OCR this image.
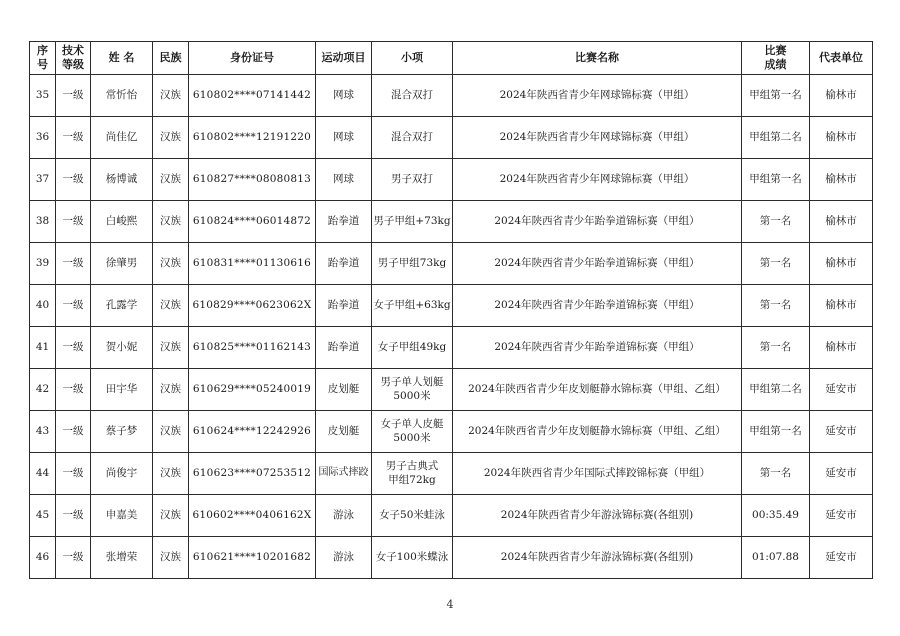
序号	技术等级	姓 名	民族	身份证号	运动项目	小项	比赛名称	比赛成绩	代表单位
35	一级	常忻怡	汉族	610802****07141442	网球	混合双打	2024年陕西省青少年网球锦标赛（甲组）	甲组第一名	榆林市
36	一级	尚佳亿	汉族	610802****12191220	网球	混合双打	2024年陕西省青少年网球锦标赛（甲组）	甲组第二名	榆林市
37	一级	杨博诚	汉族	610827****08080813	网球	男子双打	2024年陕西省青少年网球锦标赛（甲组）	甲组第一名	榆林市
38	一级	白峻熙	汉族	610824****06014872	跆拳道	男子甲组+73kg	2024年陕西省青少年跆拳道锦标赛（甲组）	第一名	榆林市
39	一级	徐肇男	汉族	610831****01130616	跆拳道	男子甲组73kg	2024年陕西省青少年跆拳道锦标赛（甲组）	第一名	榆林市
40	一级	孔露学	汉族	610829****0623062X	跆拳道	女子甲组+63kg	2024年陕西省青少年跆拳道锦标赛（甲组）	第一名	榆林市
41	一级	贺小妮	汉族	610825****01162143	跆拳道	女子甲组49kg	2024年陕西省青少年跆拳道锦标赛（甲组）	第一名	榆林市
42	一级	田宇华	汉族	610629****05240019	皮划艇	男子单人划艇5000米	2024年陕西省青少年皮划艇静水锦标赛（甲组、乙组）	甲组第二名	延安市
43	一级	蔡子梦	汉族	610624****12242926	皮划艇	女子单人皮艇5000米	2024年陕西省青少年皮划艇静水锦标赛（甲组、乙组）	甲组第一名	延安市
44	一级	尚俊宇	汉族	610623****07253512	国际式摔跤	男子古典式甲组72kg	2024年陕西省青少年国际式摔跤锦标赛（甲组）	第一名	延安市
45	一级	申嘉美	汉族	610602****0406162X	游泳	女子50米蛙泳	2024年陕西省青少年游泳锦标赛(各组别)	00:35.49	延安市
46	一级	张增荣	汉族	610621****10201682	游泳	女子100米蝶泳	2024年陕西省青少年游泳锦标赛(各组别)	01:07.88	延安市
4
